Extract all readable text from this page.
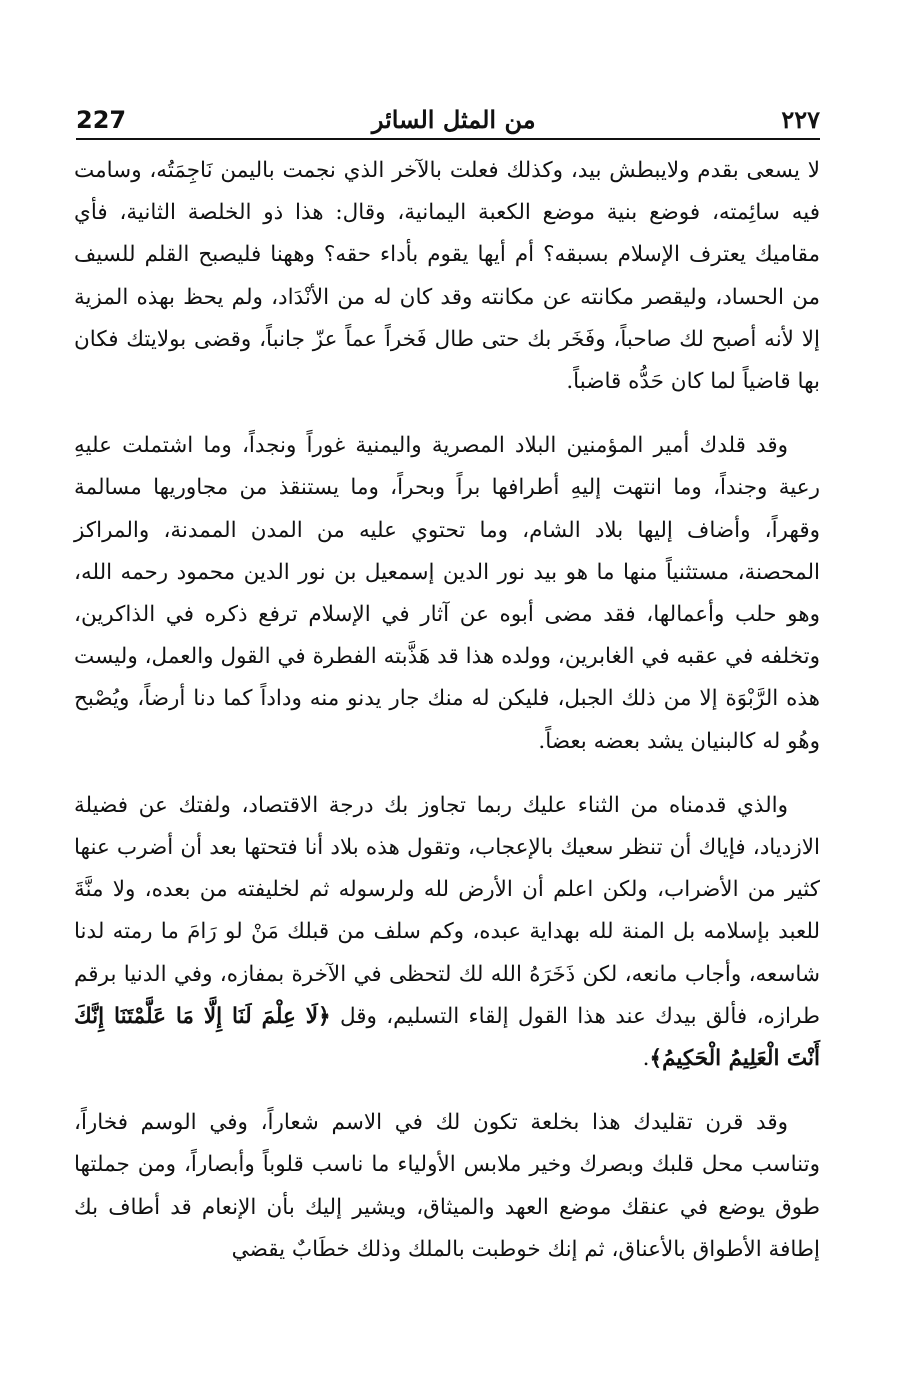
227	من المثل السائر	٢٢٧

لا يسعى بقدم ولايبطش بيد، وكذلك فعلت بالآخر الذي نجمت باليمن نَاجِمَتُه، وسامت فيه سائِمته، فوضع بنية موضع الكعبة اليمانية، وقال: هذا ذو الخلصة الثانية، فأي مقاميك يعترف الإسلام بسبقه؟ أم أيها يقوم بأداء حقه؟ وههنا فليصبح القلم للسيف من الحساد، وليقصر مكانته عن مكانته وقد كان له من الأنْدَاد، ولم يحظ بهذه المزية إلا لأنه أصبح لك صاحباً، وفَخَر بك حتى طال فَخراً عماً عزّ جانباً، وقضى بولايتك فكان بها قاضياً لما كان حَدُّه قاضباً.

وقد قلدك أمير المؤمنين البلاد المصرية واليمنية غوراً ونجداً، وما اشتملت عليهِ رعية وجنداً، وما انتهت إليهِ أطرافها براً وبحراً، وما يستنقذ من مجاوريها مسالمة وقهراً، وأضاف إليها بلاد الشام، وما تحتوي عليه من المدن الممدنة، والمراكز المحصنة، مستثنياً منها ما هو بيد نور الدين إسمعيل بن نور الدين محمود رحمه الله، وهو حلب وأعمالها، فقد مضى أبوه عن آثار في الإسلام ترفع ذكره في الذاكرين، وتخلفه في عقبه في الغابرين، وولده هذا قد هَذَّبته الفطرة في القول والعمل، وليست هذه الرَّبْوَة إلا من ذلك الجبل، فليكن له منك جار يدنو منه وداداً كما دنا أرضاً، ويُصْبح وهُو له كالبنيان يشد بعضه بعضاً.

والذي قدمناه من الثناء عليك ربما تجاوز بك درجة الاقتصاد، ولفتك عن فضيلة الازدياد، فإياك أن تنظر سعيك بالإعجاب، وتقول هذه بلاد أنا فتحتها بعد أن أضرب عنها كثير من الأضراب، ولكن اعلم أن الأرض لله ولرسوله ثم لخليفته من بعده، ولا منَّةَ للعبد بإسلامه بل المنة لله بهداية عبده، وكم سلف من قبلك مَنْ لو رَامَ ما رمته لدنا شاسعه، وأجاب مانعه، لكن ذَخَرَهُ الله لك لتحظى في الآخرة بمفازه، وفي الدنيا برقم طرازه، فألق بيدك عند هذا القول إلقاء التسليم، وقل ﴿لَا عِلْمَ لَنَا إِلَّا مَا عَلَّمْتَنَا إِنَّكَ أَنْتَ الْعَلِيمُ الْحَكِيمُ﴾.

وقد قرن تقليدك هذا بخلعة تكون لك في الاسم شعاراً، وفي الوسم فخاراً، وتناسب محل قلبك وبصرك وخير ملابس الأولياء ما ناسب قلوباً وأبصاراً، ومن جملتها طوق يوضع في عنقك موضع العهد والميثاق، ويشير إليك بأن الإنعام قد أطاف بك إطافة الأطواق بالأعناق، ثم إنك خوطبت بالملك وذلك خطَابٌ يقضي
